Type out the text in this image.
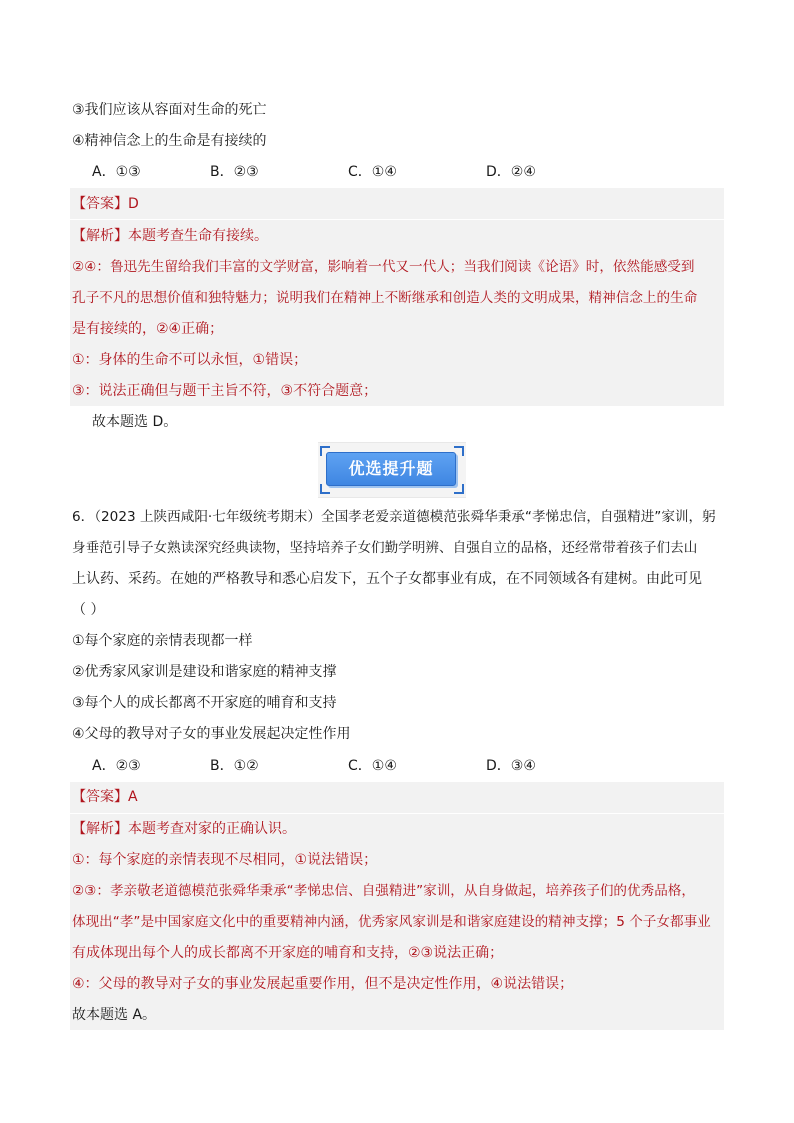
③我们应该从容面对生命的死亡
④精神信念上的生命是有接续的
A．①③	B．②③	C．①④	D．②④
【答案】D
【解析】本题考查生命有接续。
②④：鲁迅先生留给我们丰富的文学财富，影响着一代又一代人；当我们阅读《论语》时，依然能感受到
孔子不凡的思想价值和独特魅力；说明我们在精神上不断继承和创造人类的文明成果，精神信念上的生命
是有接续的，②④正确；
①：身体的生命不可以永恒，①错误；
③：说法正确但与题干主旨不符，③不符合题意；
故本题选 D。
优选提升题
6．（2023 上陕西咸阳·七年级统考期末）全国孝老爱亲道德模范张舜华秉承“孝悌忠信，自强精进”家训，躬
身垂范引导子女熟读深究经典读物，坚持培养子女们勤学明辨、自强自立的品格，还经常带着孩子们去山
上认药、采药。在她的严格教导和悉心启发下，五个子女都事业有成，在不同领域各有建树。由此可见
（ ）
①每个家庭的亲情表现都一样
②优秀家风家训是建设和谐家庭的精神支撑
③每个人的成长都离不开家庭的哺育和支持
④父母的教导对子女的事业发展起决定性作用
A．②③	B．①②	C．①④	D．③④
【答案】A
【解析】本题考查对家的正确认识。
①：每个家庭的亲情表现不尽相同，①说法错误；
②③：孝亲敬老道德模范张舜华秉承“孝悌忠信、自强精进”家训，从自身做起，培养孩子们的优秀品格，
体现出“孝”是中国家庭文化中的重要精神内涵，优秀家风家训是和谐家庭建设的精神支撑；5 个子女都事业
有成体现出每个人的成长都离不开家庭的哺育和支持，②③说法正确；
④：父母的教导对子女的事业发展起重要作用，但不是决定性作用，④说法错误；
故本题选 A。
